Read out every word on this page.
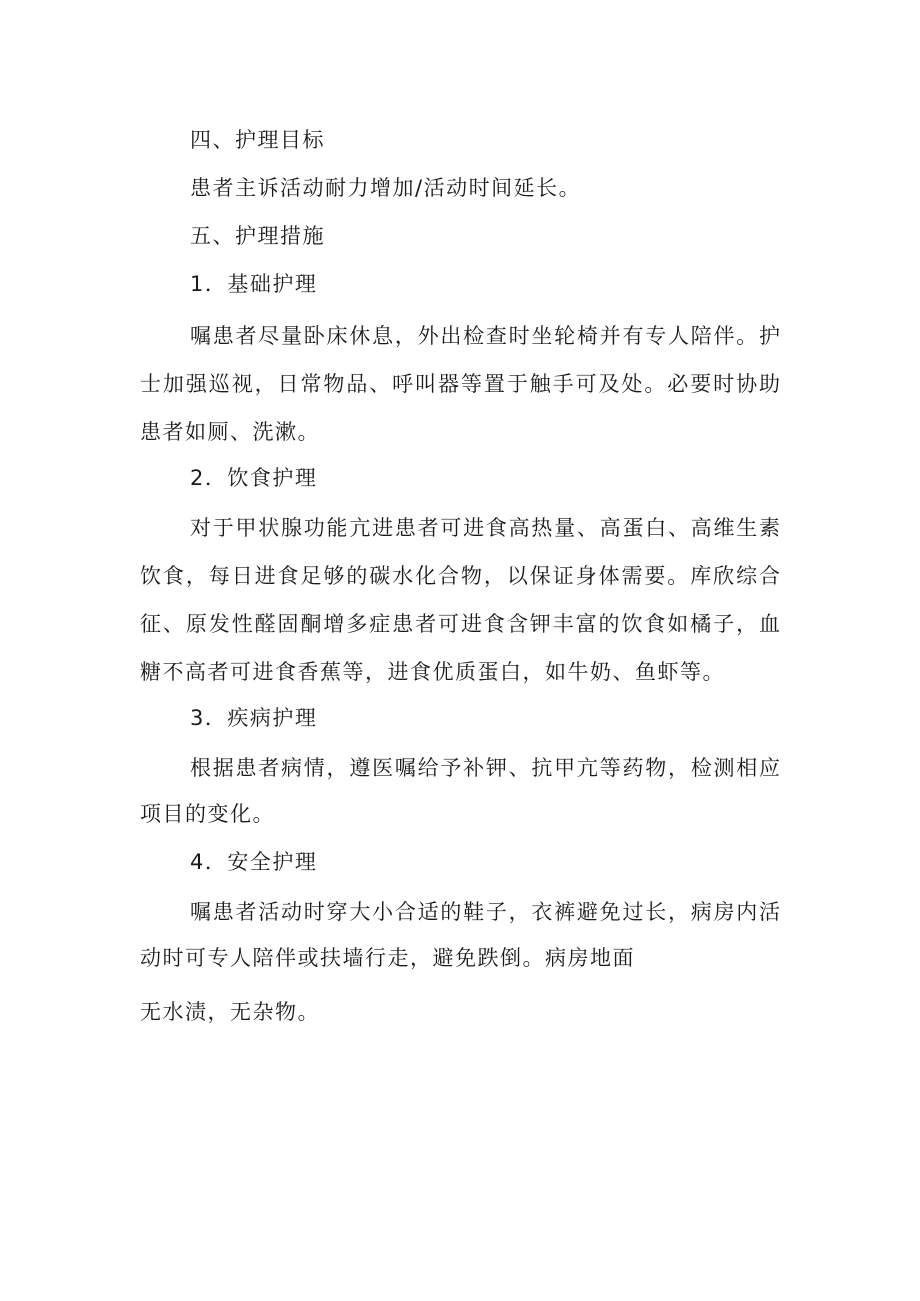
四、护理目标
患者主诉活动耐力增加/活动时间延长。
五、护理措施
1．基础护理
嘱患者尽量卧床休息，外出检查时坐轮椅并有专人陪伴。护
士加强巡视，日常物品、呼叫器等置于触手可及处。必要时协助
患者如厕、洗漱。
2．饮食护理
对于甲状腺功能亢进患者可进食高热量、高蛋白、高维生素
饮食，每日进食足够的碳水化合物，以保证身体需要。库欣综合
征、原发性醛固酮增多症患者可进食含钾丰富的饮食如橘子，血
糖不高者可进食香蕉等，进食优质蛋白，如牛奶、鱼虾等。
3．疾病护理
根据患者病情，遵医嘱给予补钾、抗甲亢等药物，检测相应
项目的变化。
4．安全护理
嘱患者活动时穿大小合适的鞋子，衣裤避免过长，病房内活
动时可专人陪伴或扶墙行走，避免跌倒。病房地面
无水渍，无杂物。
